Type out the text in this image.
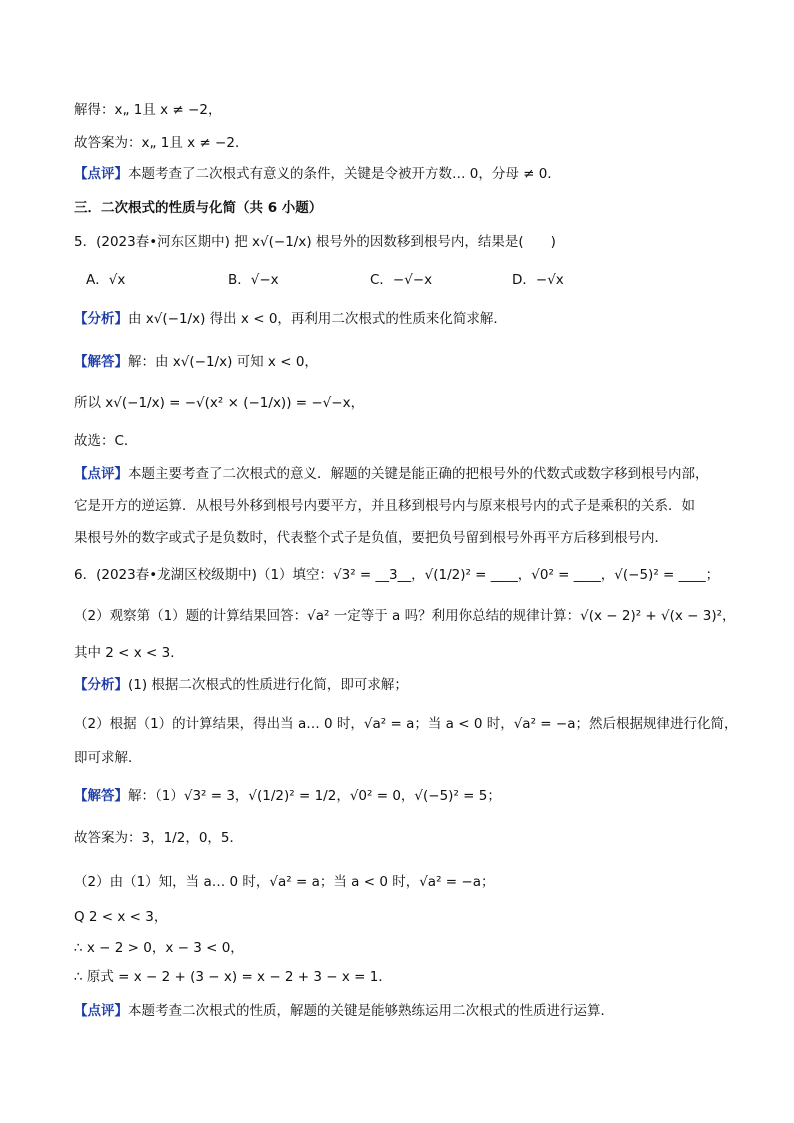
解得：x„ 1且 x ≠ −2，
故答案为：x„ 1且 x ≠ −2．
【点评】本题考查了二次根式有意义的条件，关键是令被开方数… 0，分母 ≠ 0．
三．二次根式的性质与化简（共 6 小题）
5．(2023春•河东区期中) 把 x√(−1/x) 根号外的因数移到根号内，结果是(　　)
A．√x	B．√−x	C．−√−x	D．−√x
【分析】由 x√(−1/x) 得出 x < 0，再利用二次根式的性质来化简求解．
【解答】解：由 x√(−1/x) 可知 x < 0，
所以 x√(−1/x) = −√(x² × (−1/x)) = −√−x，
故选：C．
【点评】本题主要考查了二次根式的意义．解题的关键是能正确的把根号外的代数式或数字移到根号内部，
它是开方的逆运算．从根号外移到根号内要平方，并且移到根号内与原来根号内的式子是乘积的关系．如
果根号外的数字或式子是负数时，代表整个式子是负值，要把负号留到根号外再平方后移到根号内．
6．(2023春•龙湖区校级期中)（1）填空：√3² = __3__，√(1/2)² = ____，√0² = ____，√(−5)² = ____；
（2）观察第（1）题的计算结果回答：√a² 一定等于 a 吗？利用你总结的规律计算：√(x − 2)² + √(x − 3)²，
其中 2 < x < 3．
【分析】(1) 根据二次根式的性质进行化简，即可求解；
（2）根据（1）的计算结果，得出当 a… 0 时，√a² = a；当 a < 0 时，√a² = −a；然后根据规律进行化简，
即可求解．
【解答】解：（1）√3² = 3，√(1/2)² = 1/2，√0² = 0，√(−5)² = 5；
故答案为：3，1/2，0，5．
（2）由（1）知，当 a… 0 时，√a² = a；当 a < 0 时，√a² = −a；
Q 2 < x < 3，
∴ x − 2 > 0，x − 3 < 0，
∴ 原式 = x − 2 + (3 − x) = x − 2 + 3 − x = 1．
【点评】本题考查二次根式的性质，解题的关键是能够熟练运用二次根式的性质进行运算．
